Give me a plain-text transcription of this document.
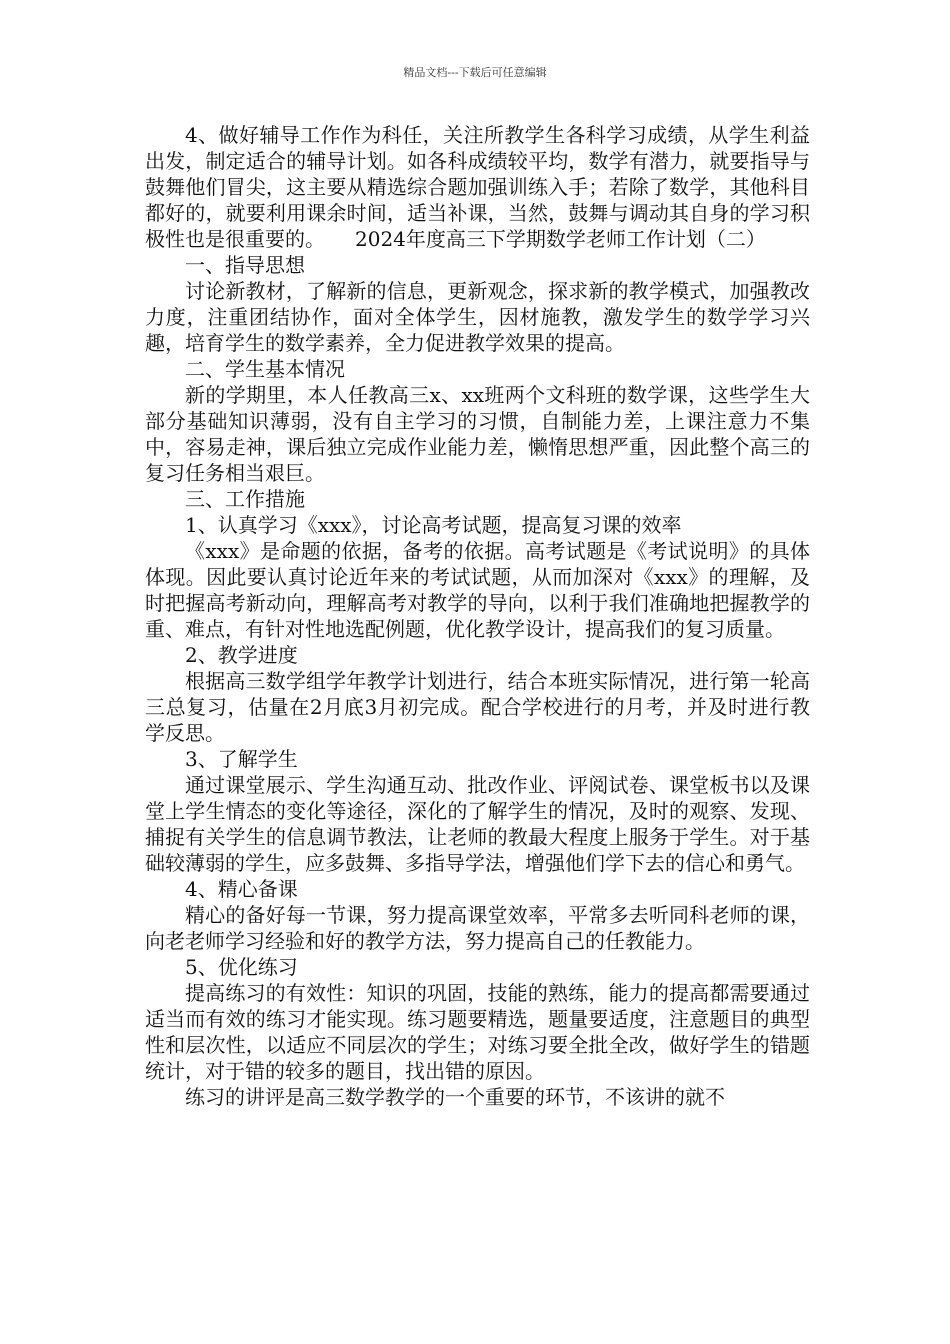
精品文档---下载后可任意编辑

4、做好辅导工作作为科任，关注所教学生各科学习成绩，从学生利益出发，制定适合的辅导计划。如各科成绩较平均，数学有潜力，就要指导与鼓舞他们冒尖，这主要从精选综合题加强训练入手；若除了数学，其他科目都好的，就要利用课余时间，适当补课，当然，鼓舞与调动其自身的学习积极性也是很重要的。　　2024年度高三下学期数学老师工作计划（二）

一、指导思想

讨论新教材，了解新的信息，更新观念，探求新的教学模式，加强教改力度，注重团结协作，面对全体学生，因材施教，激发学生的数学学习兴趣，培育学生的数学素养，全力促进教学效果的提高。

二、学生基本情况

新的学期里，本人任教高三x、xx班两个文科班的数学课，这些学生大部分基础知识薄弱，没有自主学习的习惯，自制能力差，上课注意力不集中，容易走神，课后独立完成作业能力差，懒惰思想严重，因此整个高三的复习任务相当艰巨。

三、工作措施

1、认真学习《xxx》，讨论高考试题，提高复习课的效率

《xxx》是命题的依据，备考的依据。高考试题是《考试说明》的具体体现。因此要认真讨论近年来的考试试题，从而加深对《xxx》的理解，及时把握高考新动向，理解高考对教学的导向，以利于我们准确地把握教学的重、难点，有针对性地选配例题，优化教学设计，提高我们的复习质量。

2、教学进度

根据高三数学组学年教学计划进行，结合本班实际情况，进行第一轮高三总复习，估量在2月底3月初完成。配合学校进行的月考，并及时进行教学反思。

3、了解学生

通过课堂展示、学生沟通互动、批改作业、评阅试卷、课堂板书以及课堂上学生情态的变化等途径，深化的了解学生的情况，及时的观察、发现、捕捉有关学生的信息调节教法，让老师的教最大程度上服务于学生。对于基础较薄弱的学生，应多鼓舞、多指导学法，增强他们学下去的信心和勇气。

4、精心备课

精心的备好每一节课，努力提高课堂效率，平常多去听同科老师的课，向老老师学习经验和好的教学方法，努力提高自己的任教能力。

5、优化练习

提高练习的有效性：知识的巩固，技能的熟练，能力的提高都需要通过适当而有效的练习才能实现。练习题要精选，题量要适度，注意题目的典型性和层次性，以适应不同层次的学生；对练习要全批全改，做好学生的错题统计，对于错的较多的题目，找出错的原因。

练习的讲评是高三数学教学的一个重要的环节，不该讲的就不
